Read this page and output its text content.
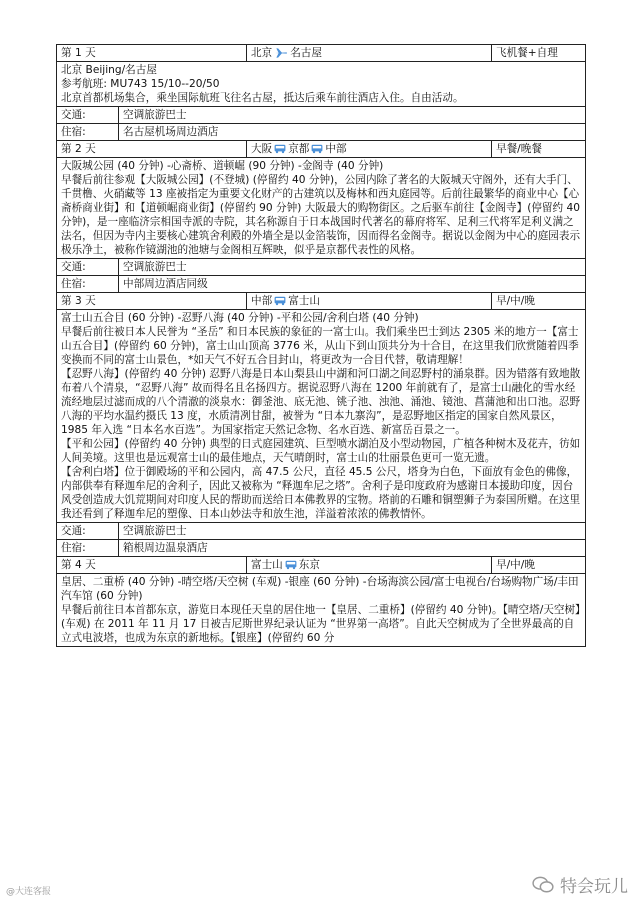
第 1 天	北京 名古屋	飞机餐+自理

北京 Beijing/名古屋

参考航班: MU743 15/10--20/50

北京首都机场集合，乘坐国际航班飞往名古屋，抵达后乘车前往酒店入住。自由活动。

交通:	空调旅游巴士
住宿:	名古屋机场周边酒店
第 2 天	大阪 京都 中部	早餐/晚餐

大阪城公园 (40 分钟) -心斋桥、道顿崛 (90 分钟) -金阁寺 (40 分钟)

早餐后前往参观【大阪城公园】(不登城) (停留约 40 分钟)，公园内除了著名的大阪城天守阁外，还有大手门、千贯橹、火硝藏等 13 座被指定为重要文化财产的古建筑以及梅林和西丸庭园等。后前往最繁华的商业中心【心斋桥商业街】和【道顿崛商业街】(停留约 90 分钟) 大阪最大的购物街区。之后驱车前往【金阁寺】(停留约 40 分钟)，是一座临济宗相国寺派的寺院，其名称源自于日本战国时代著名的幕府将军、足利三代将军足利义满之法名，但因为寺内主要核心建筑舍利殿的外墙全是以金箔装饰，因而得名金阁寺。据说以金阁为中心的庭园表示极乐净土，被称作镜湖池的池塘与金阁相互辉映，似乎是京都代表性的风格。

交通:	空调旅游巴士
住宿:	中部周边酒店同级
第 3 天	中部 富士山	早/中/晚

富士山五合目 (60 分钟) -忍野八海 (40 分钟) -平和公园/舍利白塔 (40 分钟)

早餐后前往被日本人民誉为 “圣岳” 和日本民族的象征的一富士山。我们乘坐巴士到达 2305 米的地方一【富士山五合目】(停留约 60 分钟)，富士山山顶高 3776 米，从山下到山顶共分为十合目，在这里我们欣赏随着四季变换而不同的富士山景色，*如天气不好五合目封山，将更改为一合目代替，敬请理解！

【忍野八海】(停留约 40 分钟) 忍野八海是日本山梨县山中湖和河口湖之间忍野村的涌泉群。因为错落有致地散布着八个清泉，“忍野八海” 故而得名且名扬四方。据说忍野八海在 1200 年前就有了，是富士山融化的雪水经流经地层过滤而成的八个清澈的淡泉水：御釜池、底无池、铫子池、浊池、涌池、镜池、菖蒲池和出口池。忍野八海的平均水温约摄氏 13 度，水质清冽甘甜，被誉为 “日本九寨沟”，是忍野地区指定的国家自然风景区，1985 年入选 “日本名水百选”。为国家指定天然记念物、名水百选、新富岳百景之一。

【平和公园】(停留约 40 分钟) 典型的日式庭园建筑、巨型喷水湖泊及小型动物园，广植各种树木及花卉，彷如人间美境。这里也是远观富士山的最佳地点，天气晴朗时，富士山的壮丽景色更可一览无遗。

【舍利白塔】位于御殿场的平和公园内，高 47.5 公尺，直径 45.5 公尺，塔身为白色，下面放有金色的佛像，内部供奉有释迦牟尼的舍利子，因此又被称为 “释迦牟尼之塔”。舍利子是印度政府为感谢日本援助印度，因台风受创造成大饥荒期间对印度人民的帮助而送给日本佛教界的宝物。塔前的石雕和铜塑狮子为泰国所赠。在这里我还看到了释迦牟尼的塑像、日本山妙法寺和放生池，洋溢着浓浓的佛教情怀。

交通:	空调旅游巴士
住宿:	箱根周边温泉酒店
第 4 天	富士山 东京	早/中/晚

皇居、二重桥 (40 分钟) -晴空塔/天空树 (车观) -银座 (60 分钟) -台场海滨公园/富士电视台/台场购物广场/丰田汽车馆 (60 分钟)

早餐后前往日本首都东京，游览日本现任天皇的居住地一【皇居、二重桥】(停留约 40 分钟)。【晴空塔/天空树】(车观) 在 2011 年 11 月 17 日被吉尼斯世界纪录认证为 “世界第一高塔”。自此天空树成为了全世界最高的自立式电波塔，也成为东京的新地标。【银座】(停留约 60 分

@大连客报	特会玩儿
